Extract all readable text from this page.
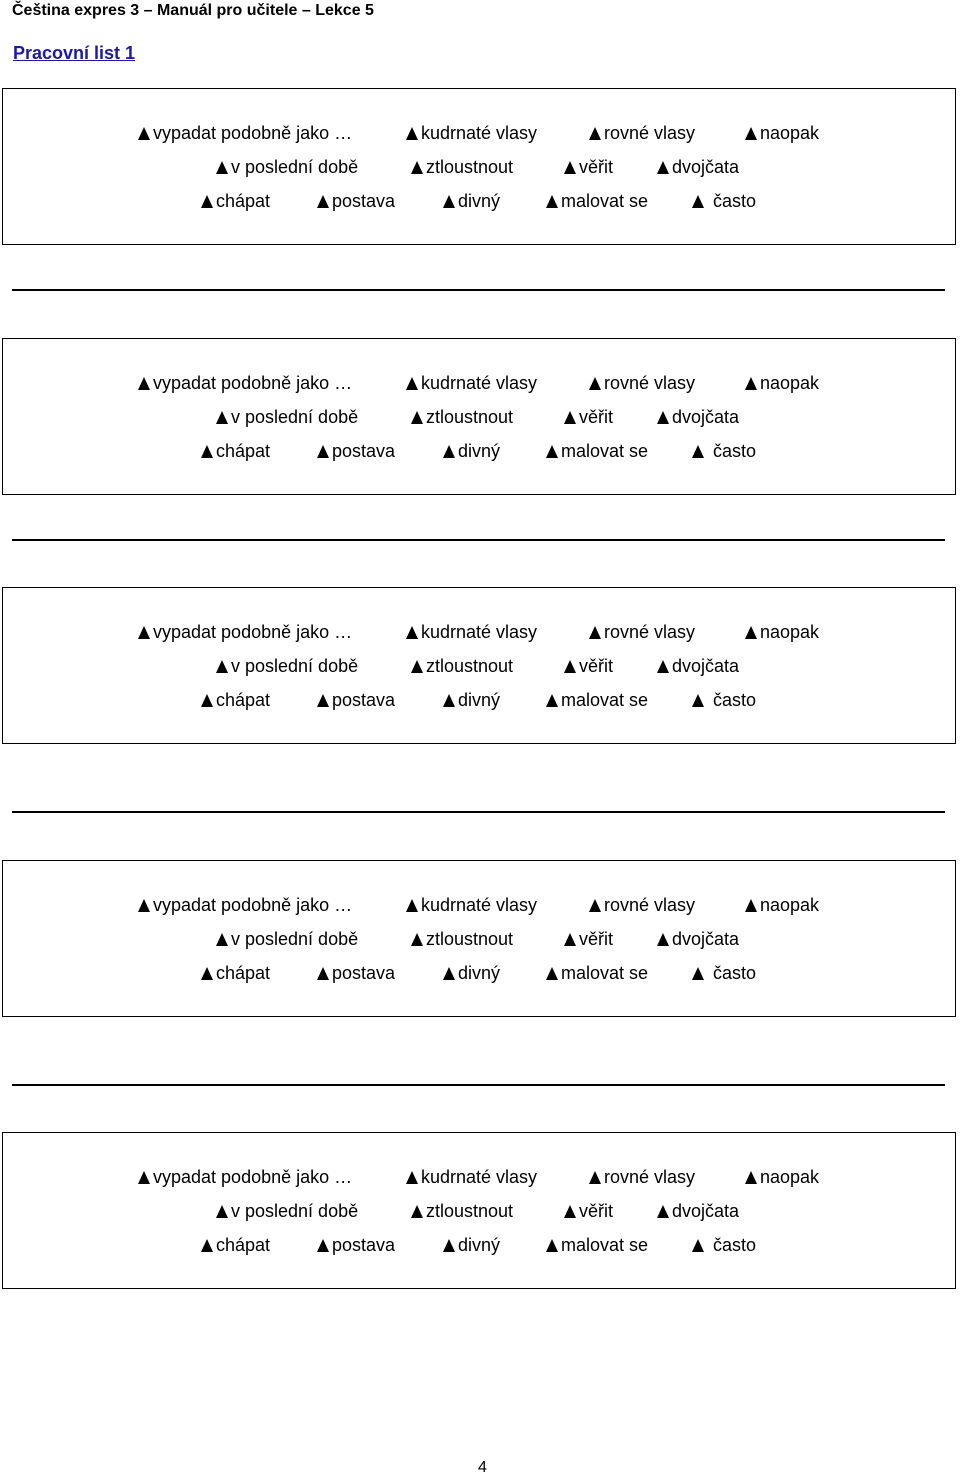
Čeština expres 3 – Manuál pro učitele – Lekce 5
Pracovní list 1
vypadat podobně jako …	kudrnaté vlasy	rovné vlasy	naopak
v poslední době	ztloustnout	věřit	dvojčata
chápat	postava	divný	malovat se	často
vypadat podobně jako …	kudrnaté vlasy	rovné vlasy	naopak
v poslední době	ztloustnout	věřit	dvojčata
chápat	postava	divný	malovat se	často
vypadat podobně jako …	kudrnaté vlasy	rovné vlasy	naopak
v poslední době	ztloustnout	věřit	dvojčata
chápat	postava	divný	malovat se	často
vypadat podobně jako …	kudrnaté vlasy	rovné vlasy	naopak
v poslední době	ztloustnout	věřit	dvojčata
chápat	postava	divný	malovat se	často
vypadat podobně jako …	kudrnaté vlasy	rovné vlasy	naopak
v poslední době	ztloustnout	věřit	dvojčata
chápat	postava	divný	malovat se	často
4
